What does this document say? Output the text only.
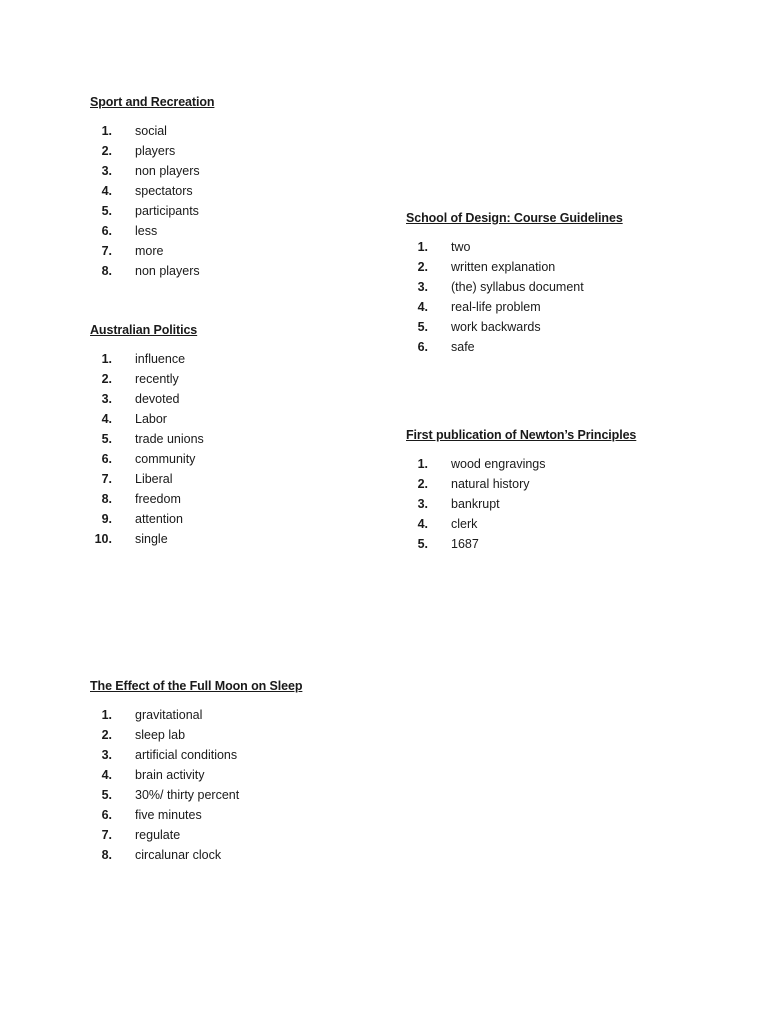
Sport and Recreation
1. social
2. players
3. non players
4. spectators
5. participants
6. less
7. more
8. non players
Australian Politics
1. influence
2. recently
3. devoted
4. Labor
5. trade unions
6. community
7. Liberal
8. freedom
9. attention
10. single
School of Design: Course Guidelines
1. two
2. written explanation
3. (the) syllabus document
4. real-life problem
5. work backwards
6. safe
First publication of Newton’s Principles
1. wood engravings
2. natural history
3. bankrupt
4. clerk
5. 1687
The Effect of the Full Moon on Sleep
1. gravitational
2. sleep lab
3. artificial conditions
4. brain activity
5. 30%/ thirty percent
6. five minutes
7. regulate
8. circalunar clock
